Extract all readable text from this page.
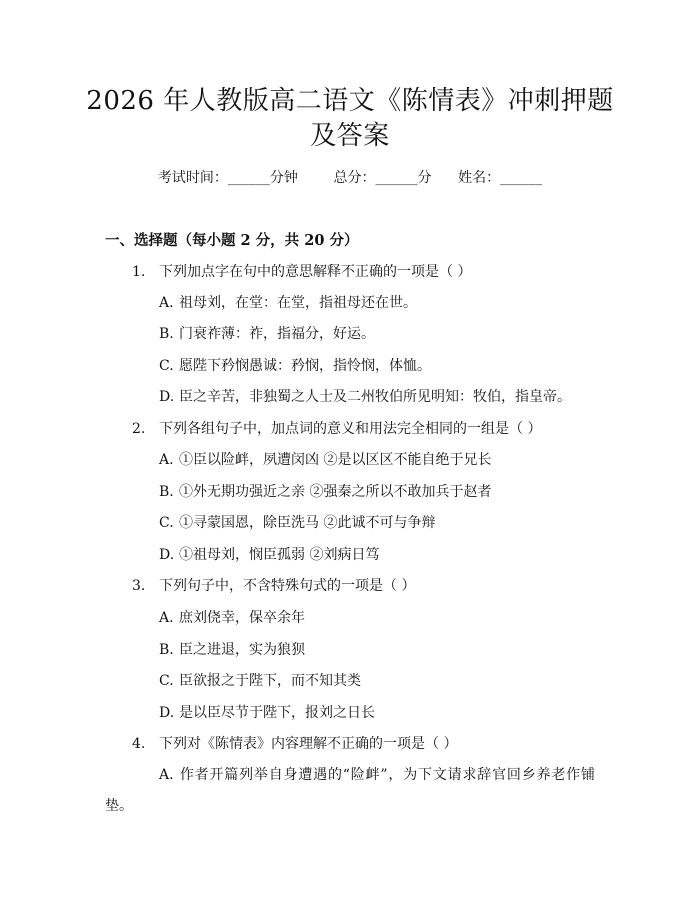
2026 年人教版高二语文《陈情表》冲刺押题
及答案
考试时间：______分钟	总分：______分 姓名：______
一、选择题（每小题 2 分，共 20 分）
1. 下列加点字在句中的意思解释不正确的一项是（ ）
A. 祖母刘，在堂：在堂，指祖母还在世。
B. 门衰祚薄：祚，指福分，好运。
C. 愿陛下矜悯愚诚：矜悯，指怜悯，体恤。
D. 臣之辛苦，非独蜀之人士及二州牧伯所见明知：牧伯，指皇帝。
2. 下列各组句子中，加点词的意义和用法完全相同的一组是（ ）
A. ①臣以险衅，夙遭闵凶 ②是以区区不能自绝于兄长
B. ①外无期功强近之亲 ②强秦之所以不敢加兵于赵者
C. ①寻蒙国恩，除臣洗马 ②此诚不可与争辩
D. ①祖母刘，悯臣孤弱 ②刘病日笃
3. 下列句子中，不含特殊句式的一项是（ ）
A. 庶刘侥幸，保卒余年
B. 臣之进退，实为狼狈
C. 臣欲报之于陛下，而不知其类
D. 是以臣尽节于陛下，报刘之日长
4. 下列对《陈情表》内容理解不正确的一项是（ ）
A. 作者开篇列举自身遭遇的“险衅”，为下文请求辞官回乡养老作铺垫。
